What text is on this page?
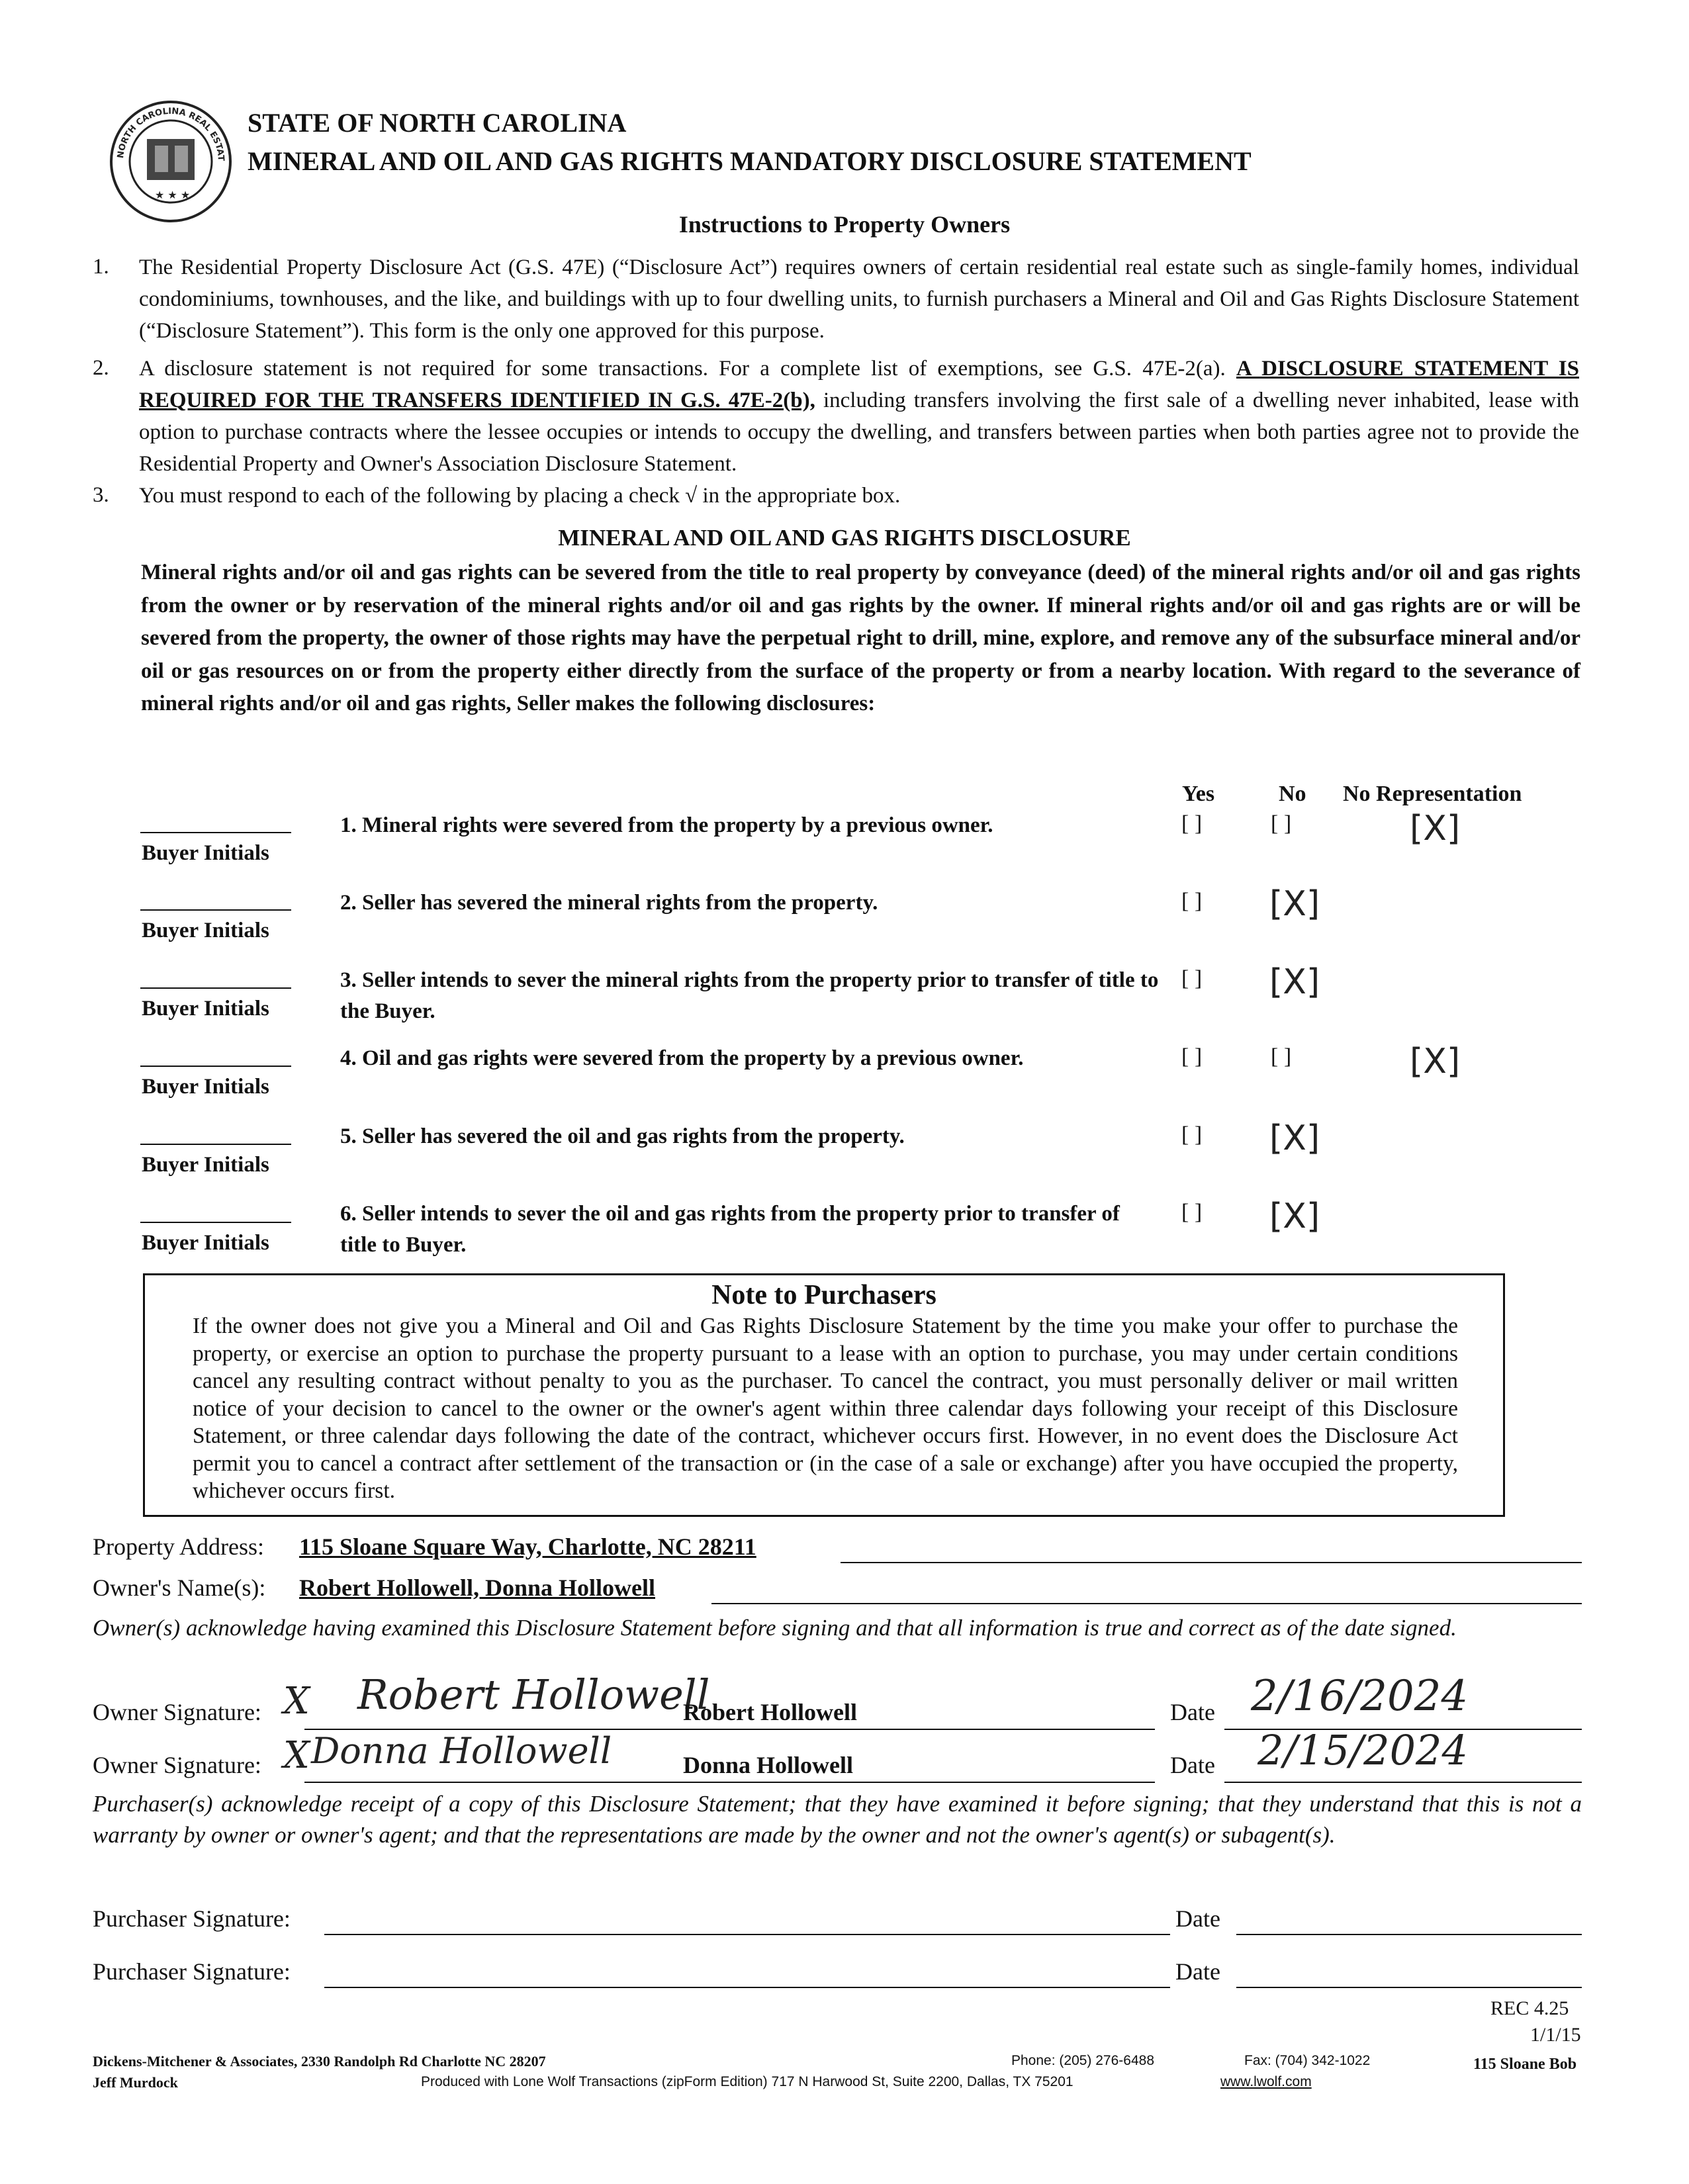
NORTH CAROLINA REAL ESTAT
★ ★ ★
STATE OF NORTH CAROLINA
MINERAL AND OIL AND GAS RIGHTS MANDATORY DISCLOSURE STATEMENT
Instructions to Property Owners
1. The Residential Property Disclosure Act (G.S. 47E) (“Disclosure Act”) requires owners of certain residential real estate such as single-family homes, individual condominiums, townhouses, and the like, and buildings with up to four dwelling units, to furnish purchasers a Mineral and Oil and Gas Rights Disclosure Statement (“Disclosure Statement”). This form is the only one approved for this purpose.
2. A disclosure statement is not required for some transactions. For a complete list of exemptions, see G.S. 47E-2(a). A DISCLOSURE STATEMENT IS REQUIRED FOR THE TRANSFERS IDENTIFIED IN G.S. 47E-2(b), including transfers involving the first sale of a dwelling never inhabited, lease with option to purchase contracts where the lessee occupies or intends to occupy the dwelling, and transfers between parties when both parties agree not to provide the Residential Property and Owner's Association Disclosure Statement.
3. You must respond to each of the following by placing a check √ in the appropriate box.
MINERAL AND OIL AND GAS RIGHTS DISCLOSURE
Mineral rights and/or oil and gas rights can be severed from the title to real property by conveyance (deed) of the mineral rights and/or oil and gas rights from the owner or by reservation of the mineral rights and/or oil and gas rights by the owner. If mineral rights and/or oil and gas rights are or will be severed from the property, the owner of those rights may have the perpetual right to drill, mine, explore, and remove any of the subsurface mineral and/or oil or gas resources on or from the property either directly from the surface of the property or from a nearby location. With regard to the severance of mineral rights and/or oil and gas rights, Seller makes the following disclosures:
Yes	No No Representation
Buyer Initials
1. Mineral rights were severed from the property by a previous owner.	[ ]	[ ]	[X]
Buyer Initials
2. Seller has severed the mineral rights from the property.	[ ] [X]
Buyer Initials
3. Seller intends to sever the mineral rights from the property prior to transfer of title to the Buyer.
[ ] [X]
Buyer Initials
4. Oil and gas rights were severed from the property by a previous owner.	[ ]	[ ]	[X]
Buyer Initials
5. Seller has severed the oil and gas rights from the property.	[ ] [X]
Buyer Initials
6. Seller intends to sever the oil and gas rights from the property prior to transfer of title to Buyer.
[ ] [X]
Note to Purchasers
If the owner does not give you a Mineral and Oil and Gas Rights Disclosure Statement by the time you make your offer to purchase the property, or exercise an option to purchase the property pursuant to a lease with an option to purchase, you may under certain conditions cancel any resulting contract without penalty to you as the purchaser. To cancel the contract, you must personally deliver or mail written notice of your decision to cancel to the owner or the owner's agent within three calendar days following your receipt of this Disclosure Statement, or three calendar days following the date of the contract, whichever occurs first. However, in no event does the Disclosure Act permit you to cancel a contract after settlement of the transaction or (in the case of a sale or exchange) after you have occupied the property, whichever occurs first.
Property Address: 115 Sloane Square Way, Charlotte, NC 28211
Owner's Name(s): Robert Hollowell, Donna Hollowell
Owner(s) acknowledge having examined this Disclosure Statement before signing and that all information is true and correct as of the date signed.
Owner Signature: X Robert Hollowell
Robert Hollowell	Date 2/16/2024
Owner Signature: X Donna Hollowell	Donna Hollowell	Date 2/15/2024
Purchaser(s) acknowledge receipt of a copy of this Disclosure Statement; that they have examined it before signing; that they understand that this is not a warranty by owner or owner's agent; and that the representations are made by the owner and not the owner's agent(s) or subagent(s).
Purchaser Signature:	Date
Purchaser Signature:	Date
REC 4.25
1/1/15
115 Sloane Bob
Dickens-Mitchener & Associates, 2330 Randolph Rd Charlotte NC 28207
Jeff Murdock
Phone: (205) 276-6488	Fax: (704) 342-1022
Produced with Lone Wolf Transactions (zipForm Edition) 717 N Harwood St, Suite 2200, Dallas, TX 75201	www.lwolf.com
